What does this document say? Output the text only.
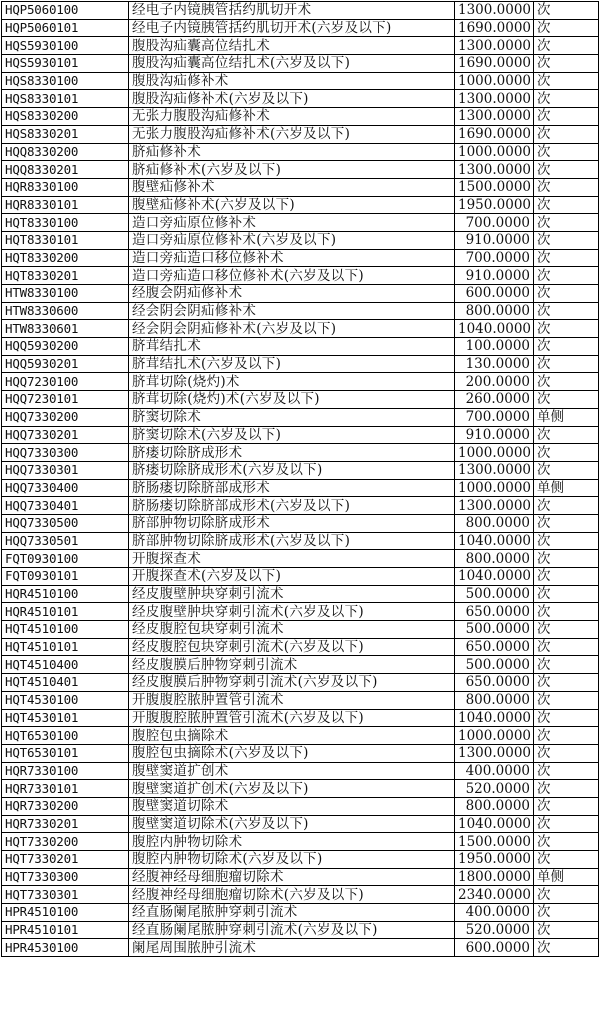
HQP5060100	经电子内镜胰管括约肌切开术	1300.0000	次
HQP5060101	经电子内镜胰管括约肌切开术(六岁及以下)	1690.0000	次
HQS5930100	腹股沟疝囊高位结扎术	1300.0000	次
HQS5930101	腹股沟疝囊高位结扎术(六岁及以下)	1690.0000	次
HQS8330100	腹股沟疝修补术	1000.0000	次
HQS8330101	腹股沟疝修补术(六岁及以下)	1300.0000	次
HQS8330200	无张力腹股沟疝修补术	1300.0000	次
HQS8330201	无张力腹股沟疝修补术(六岁及以下)	1690.0000	次
HQQ8330200	脐疝修补术	1000.0000	次
HQQ8330201	脐疝修补术(六岁及以下)	1300.0000	次
HQR8330100	腹壁疝修补术	1500.0000	次
HQR8330101	腹壁疝修补术(六岁及以下)	1950.0000	次
HQT8330100	造口旁疝原位修补术	700.0000	次
HQT8330101	造口旁疝原位修补术(六岁及以下)	910.0000	次
HQT8330200	造口旁疝造口移位修补术	700.0000	次
HQT8330201	造口旁疝造口移位修补术(六岁及以下)	910.0000	次
HTW8330100	经腹会阴疝修补术	600.0000	次
HTW8330600	经会阴会阴疝修补术	800.0000	次
HTW8330601	经会阴会阴疝修补术(六岁及以下)	1040.0000	次
HQQ5930200	脐茸结扎术	100.0000	次
HQQ5930201	脐茸结扎术(六岁及以下)	130.0000	次
HQQ7230100	脐茸切除(烧灼)术	200.0000	次
HQQ7230101	脐茸切除(烧灼)术(六岁及以下)	260.0000	次
HQQ7330200	脐窦切除术	700.0000	单侧
HQQ7330201	脐窦切除术(六岁及以下)	910.0000	次
HQQ7330300	脐瘘切除脐成形术	1000.0000	次
HQQ7330301	脐瘘切除脐成形术(六岁及以下)	1300.0000	次
HQQ7330400	脐肠瘘切除脐部成形术	1000.0000	单侧
HQQ7330401	脐肠瘘切除脐部成形术(六岁及以下)	1300.0000	次
HQQ7330500	脐部肿物切除脐成形术	800.0000	次
HQQ7330501	脐部肿物切除脐成形术(六岁及以下)	1040.0000	次
FQT0930100	开腹探查术	800.0000	次
FQT0930101	开腹探查术(六岁及以下)	1040.0000	次
HQR4510100	经皮腹壁肿块穿刺引流术	500.0000	次
HQR4510101	经皮腹壁肿块穿刺引流术(六岁及以下)	650.0000	次
HQT4510100	经皮腹腔包块穿刺引流术	500.0000	次
HQT4510101	经皮腹腔包块穿刺引流术(六岁及以下)	650.0000	次
HQT4510400	经皮腹膜后肿物穿刺引流术	500.0000	次
HQT4510401	经皮腹膜后肿物穿刺引流术(六岁及以下)	650.0000	次
HQT4530100	开腹腹腔脓肿置管引流术	800.0000	次
HQT4530101	开腹腹腔脓肿置管引流术(六岁及以下)	1040.0000	次
HQT6530100	腹腔包虫摘除术	1000.0000	次
HQT6530101	腹腔包虫摘除术(六岁及以下)	1300.0000	次
HQR7330100	腹壁窦道扩创术	400.0000	次
HQR7330101	腹壁窦道扩创术(六岁及以下)	520.0000	次
HQR7330200	腹壁窦道切除术	800.0000	次
HQR7330201	腹壁窦道切除术(六岁及以下)	1040.0000	次
HQT7330200	腹腔内肿物切除术	1500.0000	次
HQT7330201	腹腔内肿物切除术(六岁及以下)	1950.0000	次
HQT7330300	经腹神经母细胞瘤切除术	1800.0000	单侧
HQT7330301	经腹神经母细胞瘤切除术(六岁及以下)	2340.0000	次
HPR4510100	经直肠阑尾脓肿穿刺引流术	400.0000	次
HPR4510101	经直肠阑尾脓肿穿刺引流术(六岁及以下)	520.0000	次
HPR4530100	阑尾周围脓肿引流术	600.0000	次
